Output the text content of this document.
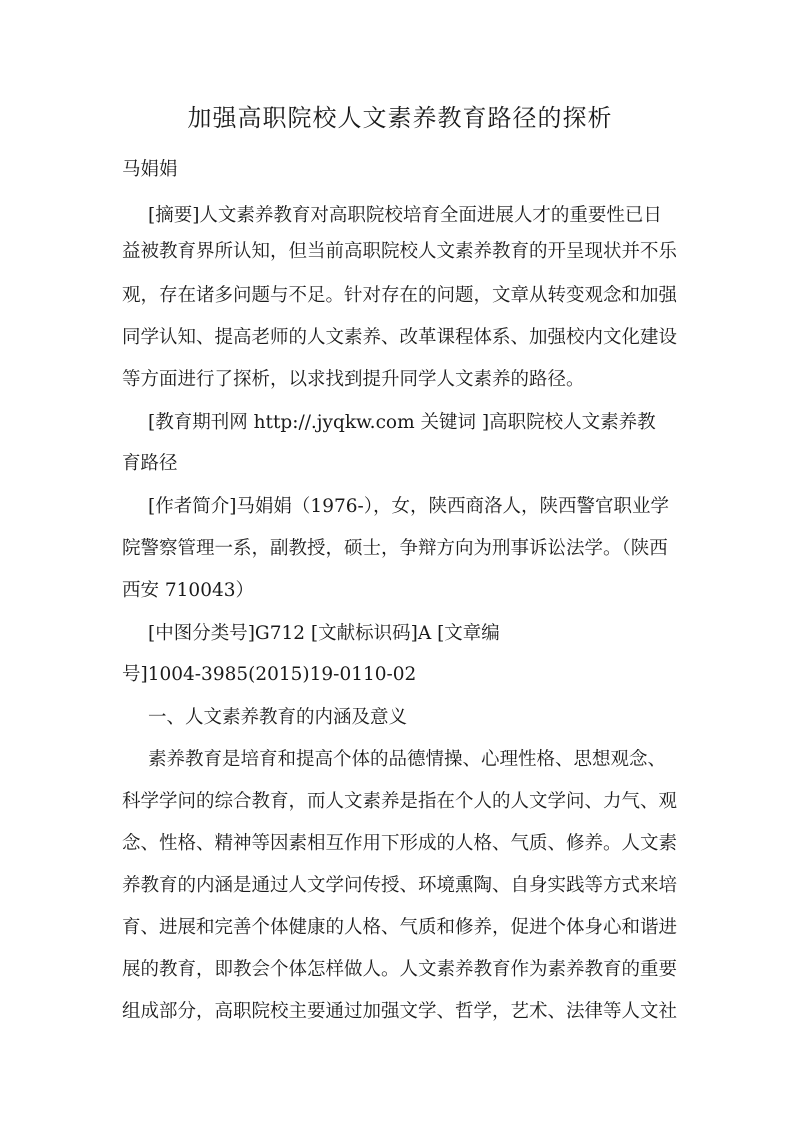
加强高职院校人文素养教育路径的探析
马娟娟
[摘要]人文素养教育对高职院校培育全面进展人才的重要性已日
益被教育界所认知，但当前高职院校人文素养教育的开呈现状并不乐
观，存在诸多问题与不足。针对存在的问题，文章从转变观念和加强
同学认知、提高老师的人文素养、改革课程体系、加强校内文化建设
等方面进行了探析，以求找到提升同学人文素养的路径。
[教育期刊网 http://.jyqkw.com 关键词 ]高职院校人文素养教
育路径
[作者简介]马娟娟（1976-），女，陕西商洛人，陕西警官职业学
院警察管理一系，副教授，硕士，争辩方向为刑事诉讼法学。（陕西
西安 710043）
[中图分类号]G712 [文献标识码]A [文章编
号]1004-3985(2015)19-0110-02
一、人文素养教育的内涵及意义
素养教育是培育和提高个体的品德情操、心理性格、思想观念、
科学学问的综合教育，而人文素养是指在个人的人文学问、力气、观
念、性格、精神等因素相互作用下形成的人格、气质、修养。人文素
养教育的内涵是通过人文学问传授、环境熏陶、自身实践等方式来培
育、进展和完善个体健康的人格、气质和修养，促进个体身心和谐进
展的教育，即教会个体怎样做人。人文素养教育作为素养教育的重要
组成部分，高职院校主要通过加强文学、哲学，艺术、法律等人文社
